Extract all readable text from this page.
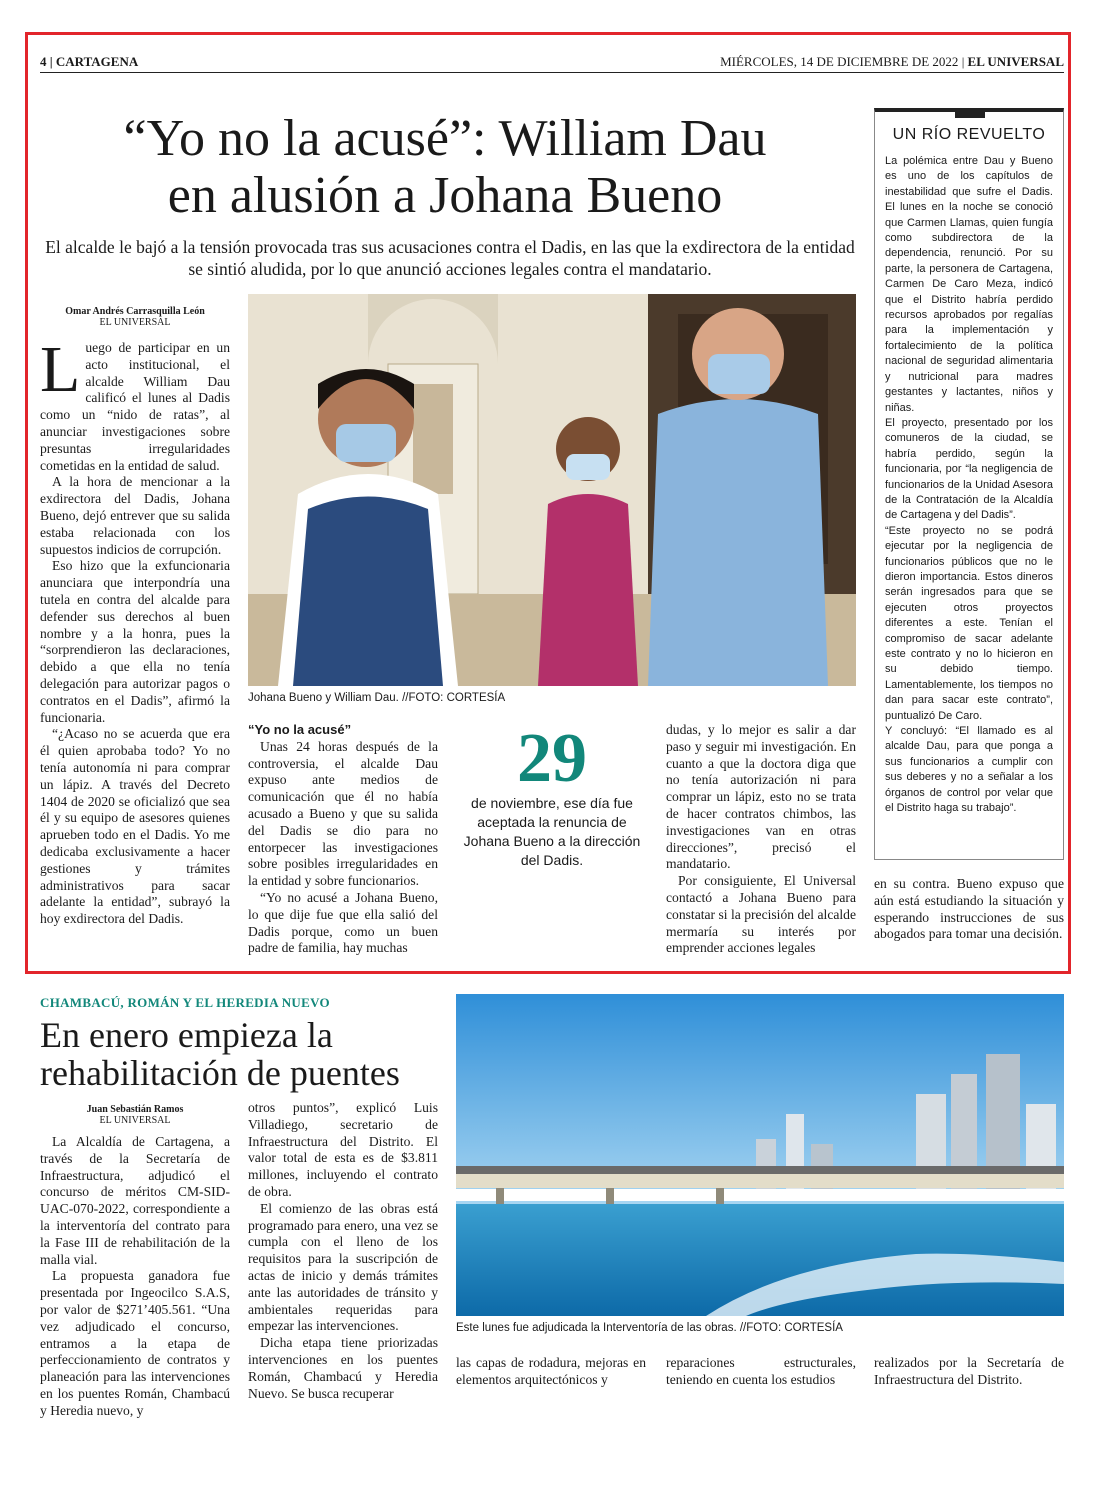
4 | CARTAGENA	MIÉRCOLES, 14 DE DICIEMBRE DE 2022 | EL UNIVERSAL
“Yo no la acusé”: William Dau
en alusión a Johana Bueno
El alcalde le bajó a la tensión provocada tras sus acusaciones contra el Dadis, en las que la exdirectora de la entidad se sintió aludida, por lo que anunció acciones legales contra el mandatario.
Omar Andrés Carrasquilla León
EL UNIVERSAL

Luego de participar en un acto institucional, el alcalde William Dau calificó el lunes al Dadis como un “nido de ratas”, al anunciar investigaciones sobre presuntas irregularidades cometidas en la entidad de salud.

A la hora de mencionar a la exdirectora del Dadis, Johana Bueno, dejó entrever que su salida estaba relacionada con los supuestos indicios de corrupción.

Eso hizo que la exfuncionaria anunciara que interpondría una tutela en contra del alcalde para defender sus derechos al buen nombre y a la honra, pues la “sorprendieron las declaraciones, debido a que ella no tenía delegación para autorizar pagos o contratos en el Dadis”, afirmó la funcionaria.

“¿Acaso no se acuerda que era él quien aprobaba todo? Yo no tenía autonomía ni para comprar un lápiz. A través del Decreto 1404 de 2020 se oficializó que sea él y su equipo de asesores quienes aprueben todo en el Dadis. Yo me dedicaba exclusivamente a hacer gestiones y trámites administrativos para sacar adelante la entidad”, subrayó la hoy exdirectora del Dadis.

Johana Bueno y William Dau. //FOTO: CORTESÍA
“Yo no la acusé”

Unas 24 horas después de la controversia, el alcalde Dau expuso ante medios de comunicación que él no había acusado a Bueno y que su salida del Dadis se dio para no entorpecer las investigaciones sobre posibles irregularidades en la entidad y sobre funcionarios.

“Yo no acusé a Johana Bueno, lo que dije fue que ella salió del Dadis porque, como un buen padre de familia, hay muchas

29
de noviembre, ese día fue aceptada la renuncia de Johana Bueno a la dirección del Dadis.

dudas, y lo mejor es salir a dar paso y seguir mi investigación. En cuanto a que la doctora diga que no tenía autorización ni para comprar un lápiz, esto no se trata de hacer contratos chimbos, las investigaciones van en otras direcciones”, precisó el mandatario.

Por consiguiente, El Universal contactó a Johana Bueno para constatar si la precisión del alcalde mermaría su interés por emprender acciones legales

UN RÍO REVUELTO

La polémica entre Dau y Bueno es uno de los capítulos de inestabilidad que sufre el Dadis. El lunes en la noche se conoció que Carmen Llamas, quien fungía como subdirectora de la dependencia, renunció. Por su parte, la personera de Cartagena, Carmen De Caro Meza, indicó que el Distrito habría perdido recursos aprobados por regalías para la implementación y fortalecimiento de la política nacional de seguridad alimentaria y nutricional para madres gestantes y lactantes, niños y niñas.

El proyecto, presentado por los comuneros de la ciudad, se habría perdido, según la funcionaria, por “la negligencia de funcionarios de la Unidad Asesora de la Contratación de la Alcaldía de Cartagena y del Dadis”.

“Este proyecto no se podrá ejecutar por la negligencia de funcionarios públicos que no le dieron importancia. Estos dineros serán ingresados para que se ejecuten otros proyectos diferentes a este. Tenían el compromiso de sacar adelante este contrato y no lo hicieron en su debido tiempo. Lamentablemente, los tiempos no dan para sacar este contrato”, puntualizó De Caro.

Y concluyó: “El llamado es al alcalde Dau, para que ponga a sus funcionarios a cumplir con sus deberes y no a señalar a los órganos de control por velar que el Distrito haga su trabajo”.

en su contra. Bueno expuso que aún está estudiando la situación y esperando instrucciones de sus abogados para tomar una decisión.

CHAMBACÚ, ROMÁN Y EL HEREDIA NUEVO
En enero empieza la
rehabilitación de puentes
Juan Sebastián Ramos
EL UNIVERSAL

La Alcaldía de Cartagena, a través de la Secretaría de Infraestructura, adjudicó el concurso de méritos CM-SID-UAC-070-2022, correspondiente a la interventoría del contrato para la Fase III de rehabilitación de la malla vial.

La propuesta ganadora fue presentada por Ingeocilco S.A.S, por valor de $271’405.561. “Una vez adjudicado el concurso, entramos a la etapa de perfeccionamiento de contratos y planeación para las intervenciones en los puentes Román, Chambacú y Heredia nuevo, y

otros puntos”, explicó Luis Villadiego, secretario de Infraestructura del Distrito. El valor total de esta es de $3.811 millones, incluyendo el contrato de obra.

El comienzo de las obras está programado para enero, una vez se cumpla con el lleno de los requisitos para la suscripción de actas de inicio y demás trámites ante las autoridades de tránsito y ambientales requeridas para empezar las intervenciones.

Dicha etapa tiene priorizadas intervenciones en los puentes Román, Chambacú y Heredia Nuevo. Se busca recuperar

Este lunes fue adjudicada la Interventoría de las obras. //FOTO: CORTESÍA

las capas de rodadura, mejoras en elementos arquitectónicos y

reparaciones estructurales, teniendo en cuenta los estudios

realizados por la Secretaría de Infraestructura del Distrito.
